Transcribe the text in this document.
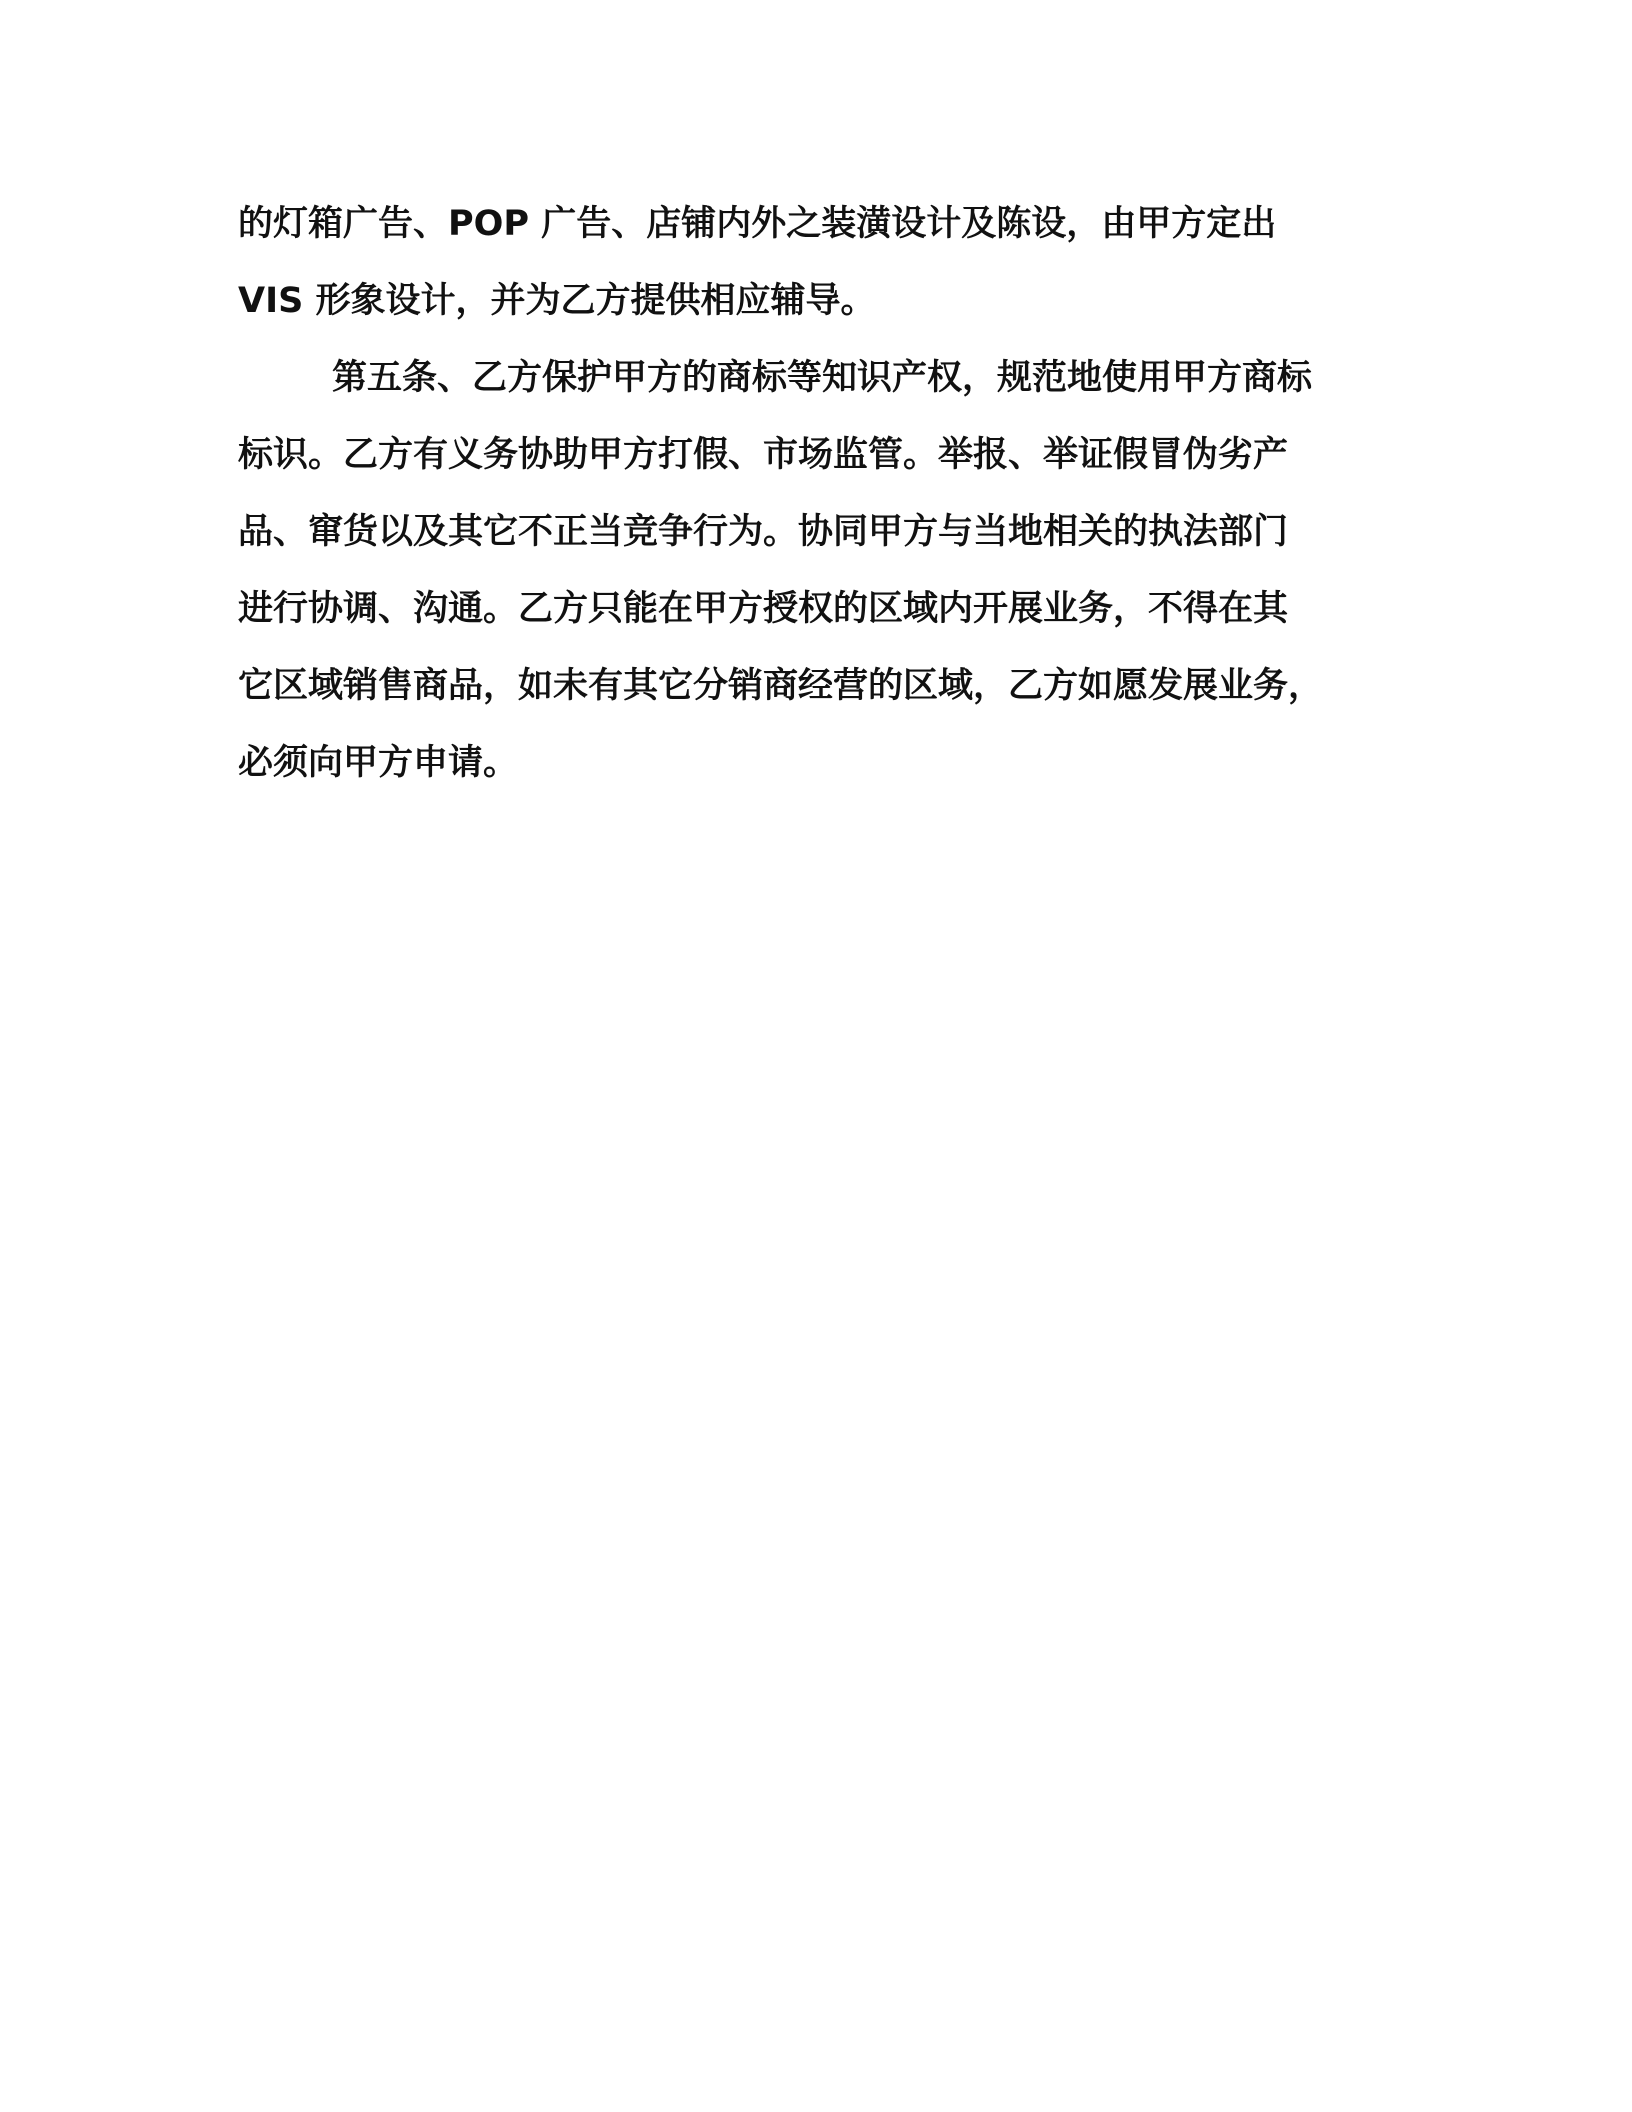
的灯箱广告、POP 广告、店铺内外之装潢设计及陈设，由甲方定出
VIS 形象设计，并为乙方提供相应辅导。
第五条、乙方保护甲方的商标等知识产权，规范地使用甲方商标
标识。乙方有义务协助甲方打假、市场监管。举报、举证假冒伪劣产
品、窜货以及其它不正当竞争行为。协同甲方与当地相关的执法部门
进行协调、沟通。乙方只能在甲方授权的区域内开展业务，不得在其
它区域销售商品，如未有其它分销商经营的区域，乙方如愿发展业务，
必须向甲方申请。
